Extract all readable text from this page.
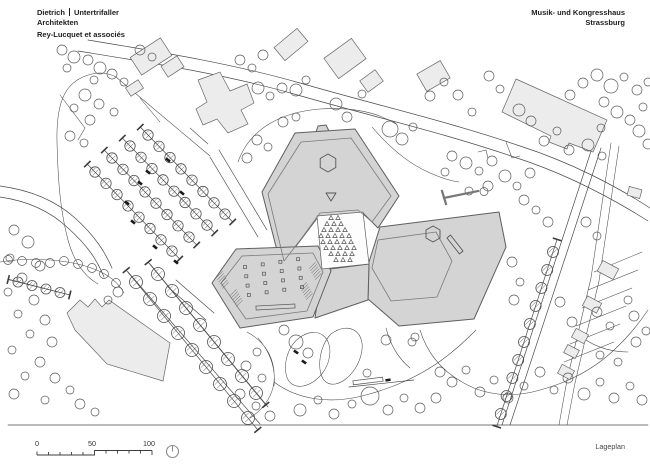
0	50	100
Dietrich Untertrifaller
Architekten
Rey-Lucquet et associés
Musik- und Kongresshaus
Strassburg
Lageplan
